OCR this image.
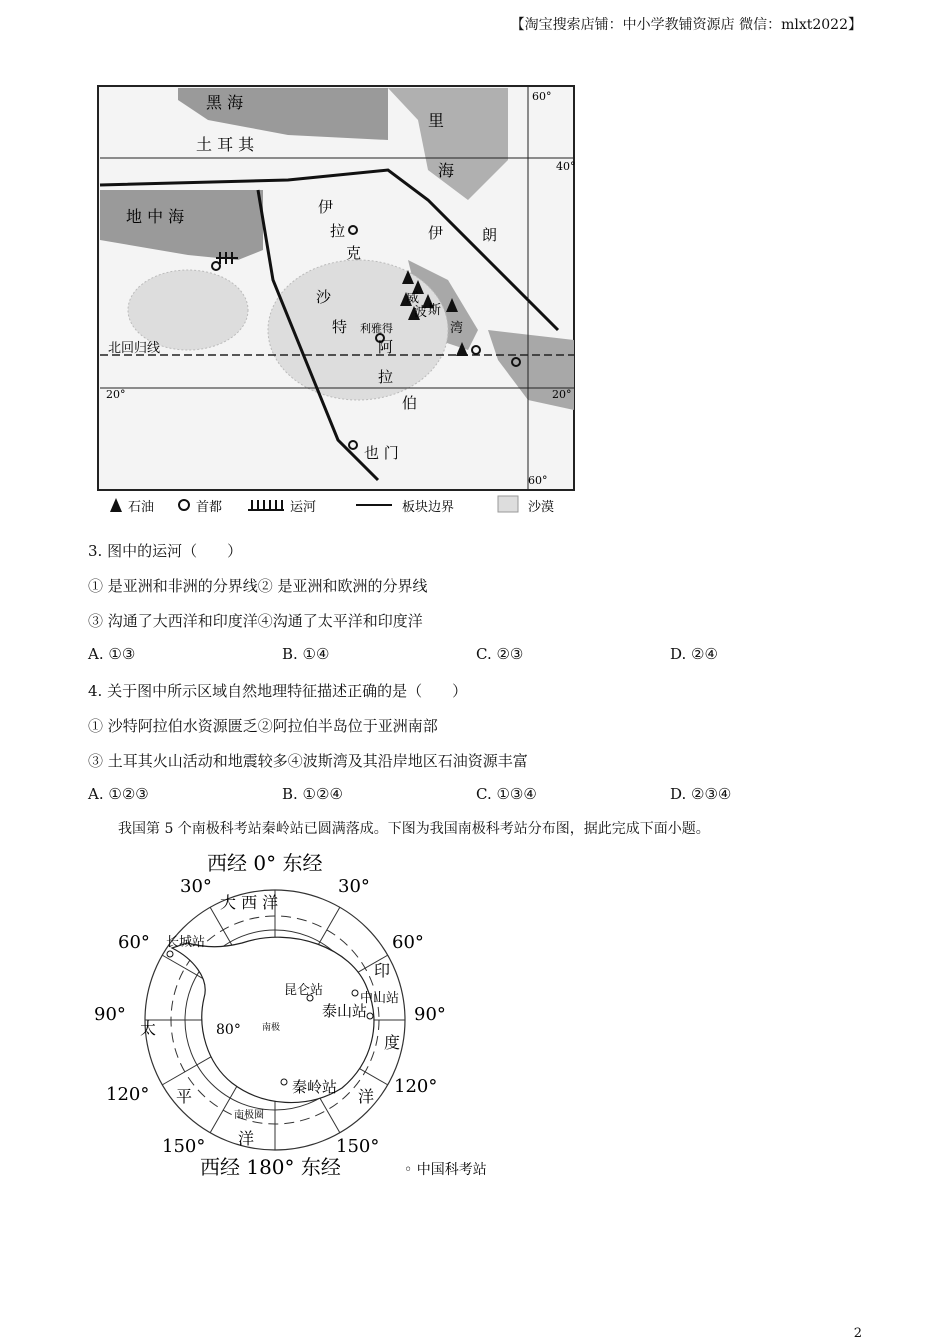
【淘宝搜索店铺：中小学教铺资源店 微信：mlxt2022】
黑 海
里
海
土 耳 其
地 中 海	伊
拉
克
伊	朗
沙	威
特 利雅得
波 斯
湾
阿
拉
伯
也 门
北回归线
40°
20°
60°
20°
60°
石油	首都	运河	板块边界	沙漠
3. 图中的运河（　　）
① 是亚洲和非洲的分界线② 是亚洲和欧洲的分界线
③ 沟通了大西洋和印度洋④沟通了太平洋和印度洋
A. ①③	B. ①④	C. ②③	D. ②④
4. 关于图中所示区域自然地理特征描述正确的是（　　）
① 沙特阿拉伯水资源匮乏②阿拉伯半岛位于亚洲南部
③ 土耳其火山活动和地震较多④波斯湾及其沿岸地区石油资源丰富
A. ①②③	B. ①②④	C. ①③④	D. ②③④
我国第 5 个南极科考站秦岭站已圆满落成。下图为我国南极科考站分布图，据此完成下面小题。
西经 0° 东经
西经 180° 东经
30°	30°
60°	60°
90°	90°
120°	120°
150°	150°
大 西 洋
印
度
洋
太
平
洋
长城站
中山站
昆仑站
泰山站
秦岭站
80° 南极
南极圈
◦ 中国科考站
2
